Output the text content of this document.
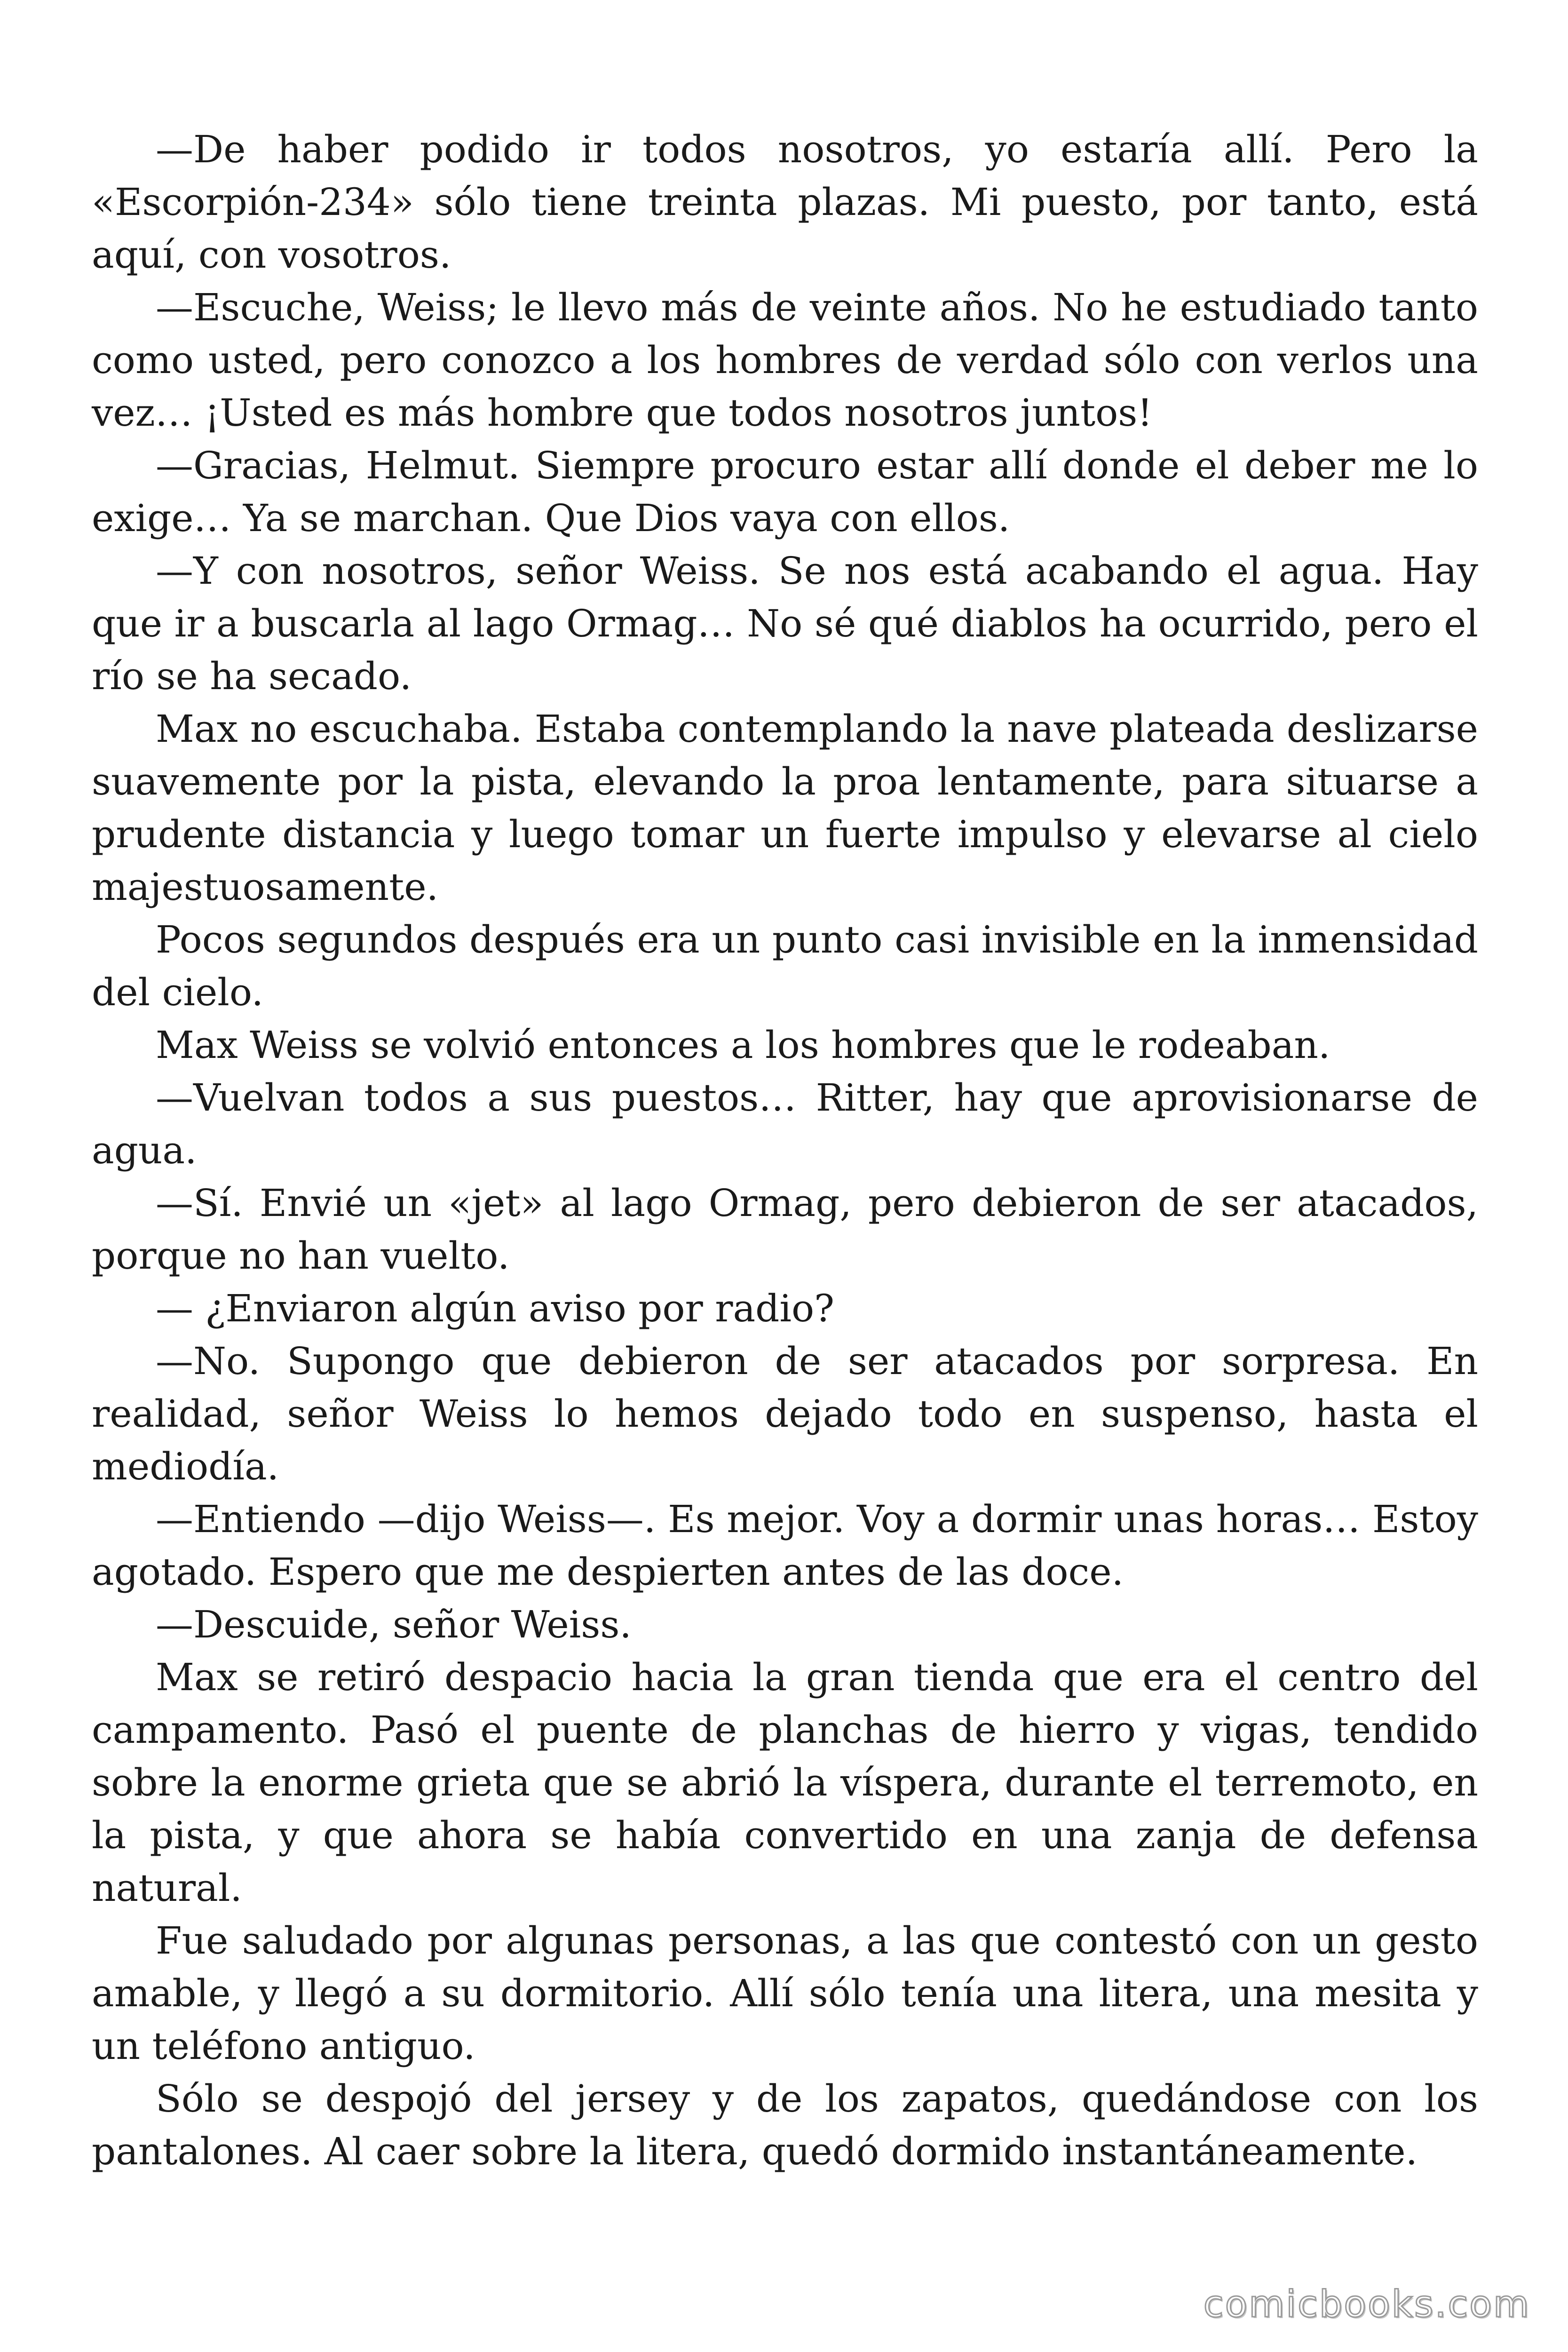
—De haber podido ir todos nosotros, yo estaría allí. Pero la «Escorpión-234» sólo tiene treinta plazas. Mi puesto, por tanto, está aquí, con vosotros.

—Escuche, Weiss; le llevo más de veinte años. No he estudiado tanto como usted, pero conozco a los hombres de verdad sólo con verlos una vez… ¡Usted es más hombre que todos nosotros juntos!

—Gracias, Helmut. Siempre procuro estar allí donde el deber me lo exige… Ya se marchan. Que Dios vaya con ellos.

—Y con nosotros, señor Weiss. Se nos está acabando el agua. Hay que ir a buscarla al lago Ormag… No sé qué diablos ha ocurrido, pero el río se ha secado.

Max no escuchaba. Estaba contemplando la nave plateada deslizarse suavemente por la pista, elevando la proa lentamente, para situarse a prudente distancia y luego tomar un fuerte impulso y elevarse al cielo majestuosamente.

Pocos segundos después era un punto casi invisible en la inmensidad del cielo.

Max Weiss se volvió entonces a los hombres que le rodeaban.

—Vuelvan todos a sus puestos… Ritter, hay que aprovisionarse de agua.

—Sí. Envié un «jet» al lago Ormag, pero debieron de ser atacados, porque no han vuelto.

— ¿Enviaron algún aviso por radio?

—No. Supongo que debieron de ser atacados por sorpresa. En realidad, señor Weiss lo hemos dejado todo en suspenso, hasta el mediodía.

—Entiendo —dijo Weiss—. Es mejor. Voy a dormir unas horas… Estoy agotado. Espero que me despierten antes de las doce.

—Descuide, señor Weiss.

Max se retiró despacio hacia la gran tienda que era el centro del campamento. Pasó el puente de planchas de hierro y vigas, tendido sobre la enorme grieta que se abrió la víspera, durante el terremoto, en la pista, y que ahora se había convertido en una zanja de defensa natural.

Fue saludado por algunas personas, a las que contestó con un gesto amable, y llegó a su dormitorio. Allí sólo tenía una litera, una mesita y un teléfono antiguo.

Sólo se despojó del jersey y de los zapatos, quedándose con los pantalones. Al caer sobre la litera, quedó dormido instantáneamente.

comicbooks.com
